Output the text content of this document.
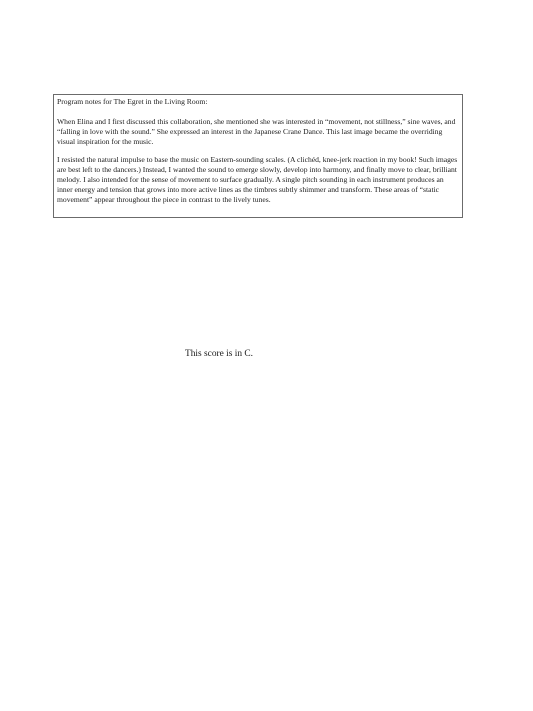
Program notes for The Egret in the Living Room:

When Elina and I first discussed this collaboration, she mentioned she was interested in “movement, not stillness,” sine waves, and “falling in love with the sound.” She expressed an interest in the Japanese Crane Dance. This last image became the overriding visual inspiration for the music.

I resisted the natural impulse to base the music on Eastern-sounding scales. (A clichéd, knee-jerk reaction in my book! Such images are best left to the dancers.) Instead, I wanted the sound to emerge slowly, develop into harmony, and finally move to clear, brilliant melody. I also intended for the sense of movement to surface gradually. A single pitch sounding in each instrument produces an inner energy and tension that grows into more active lines as the timbres subtly shimmer and transform. These areas of “static movement” appear throughout the piece in contrast to the lively tunes.

This score is in C.
